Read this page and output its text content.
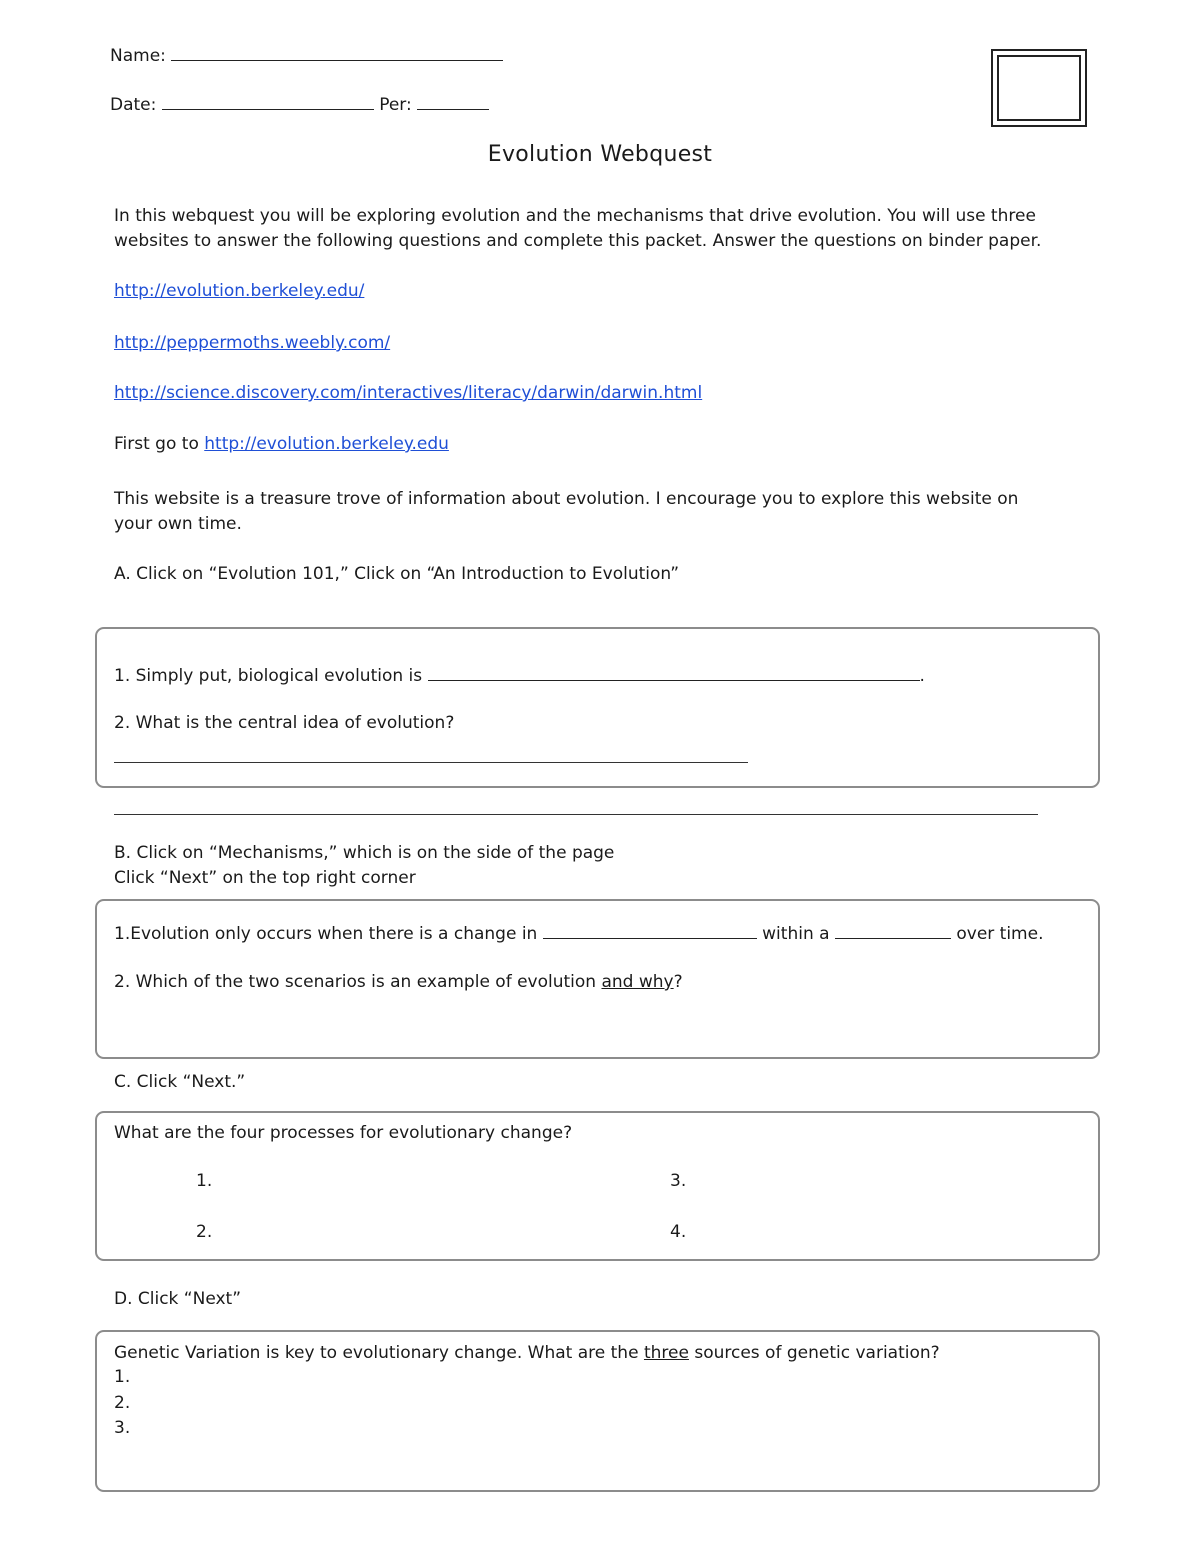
Name:
Date:	Per:
Evolution Webquest
In this webquest you will be exploring evolution and the mechanisms that drive evolution. You will use three
websites to answer the following questions and complete this packet. Answer the questions on binder paper.
http://evolution.berkeley.edu/
http://peppermoths.weebly.com/
http://science.discovery.com/interactives/literacy/darwin/darwin.html
First go to http://evolution.berkeley.edu
This website is a treasure trove of information about evolution. I encourage you to explore this website on
your own time.
A. Click on “Evolution 101,” Click on “An Introduction to Evolution”
1. Simply put, biological evolution is	.
2. What is the central idea of evolution?
B. Click on “Mechanisms,” which is on the side of the page
Click “Next” on the top right corner
1.Evolution only occurs when there is a change in	within a	over time.
2. Which of the two scenarios is an example of evolution and why?
C. Click “Next.”
What are the four processes for evolutionary change?
1.
2.
3.
4.
D. Click “Next”
Genetic Variation is key to evolutionary change. What are the three sources of genetic variation?
1.
2.
3.
